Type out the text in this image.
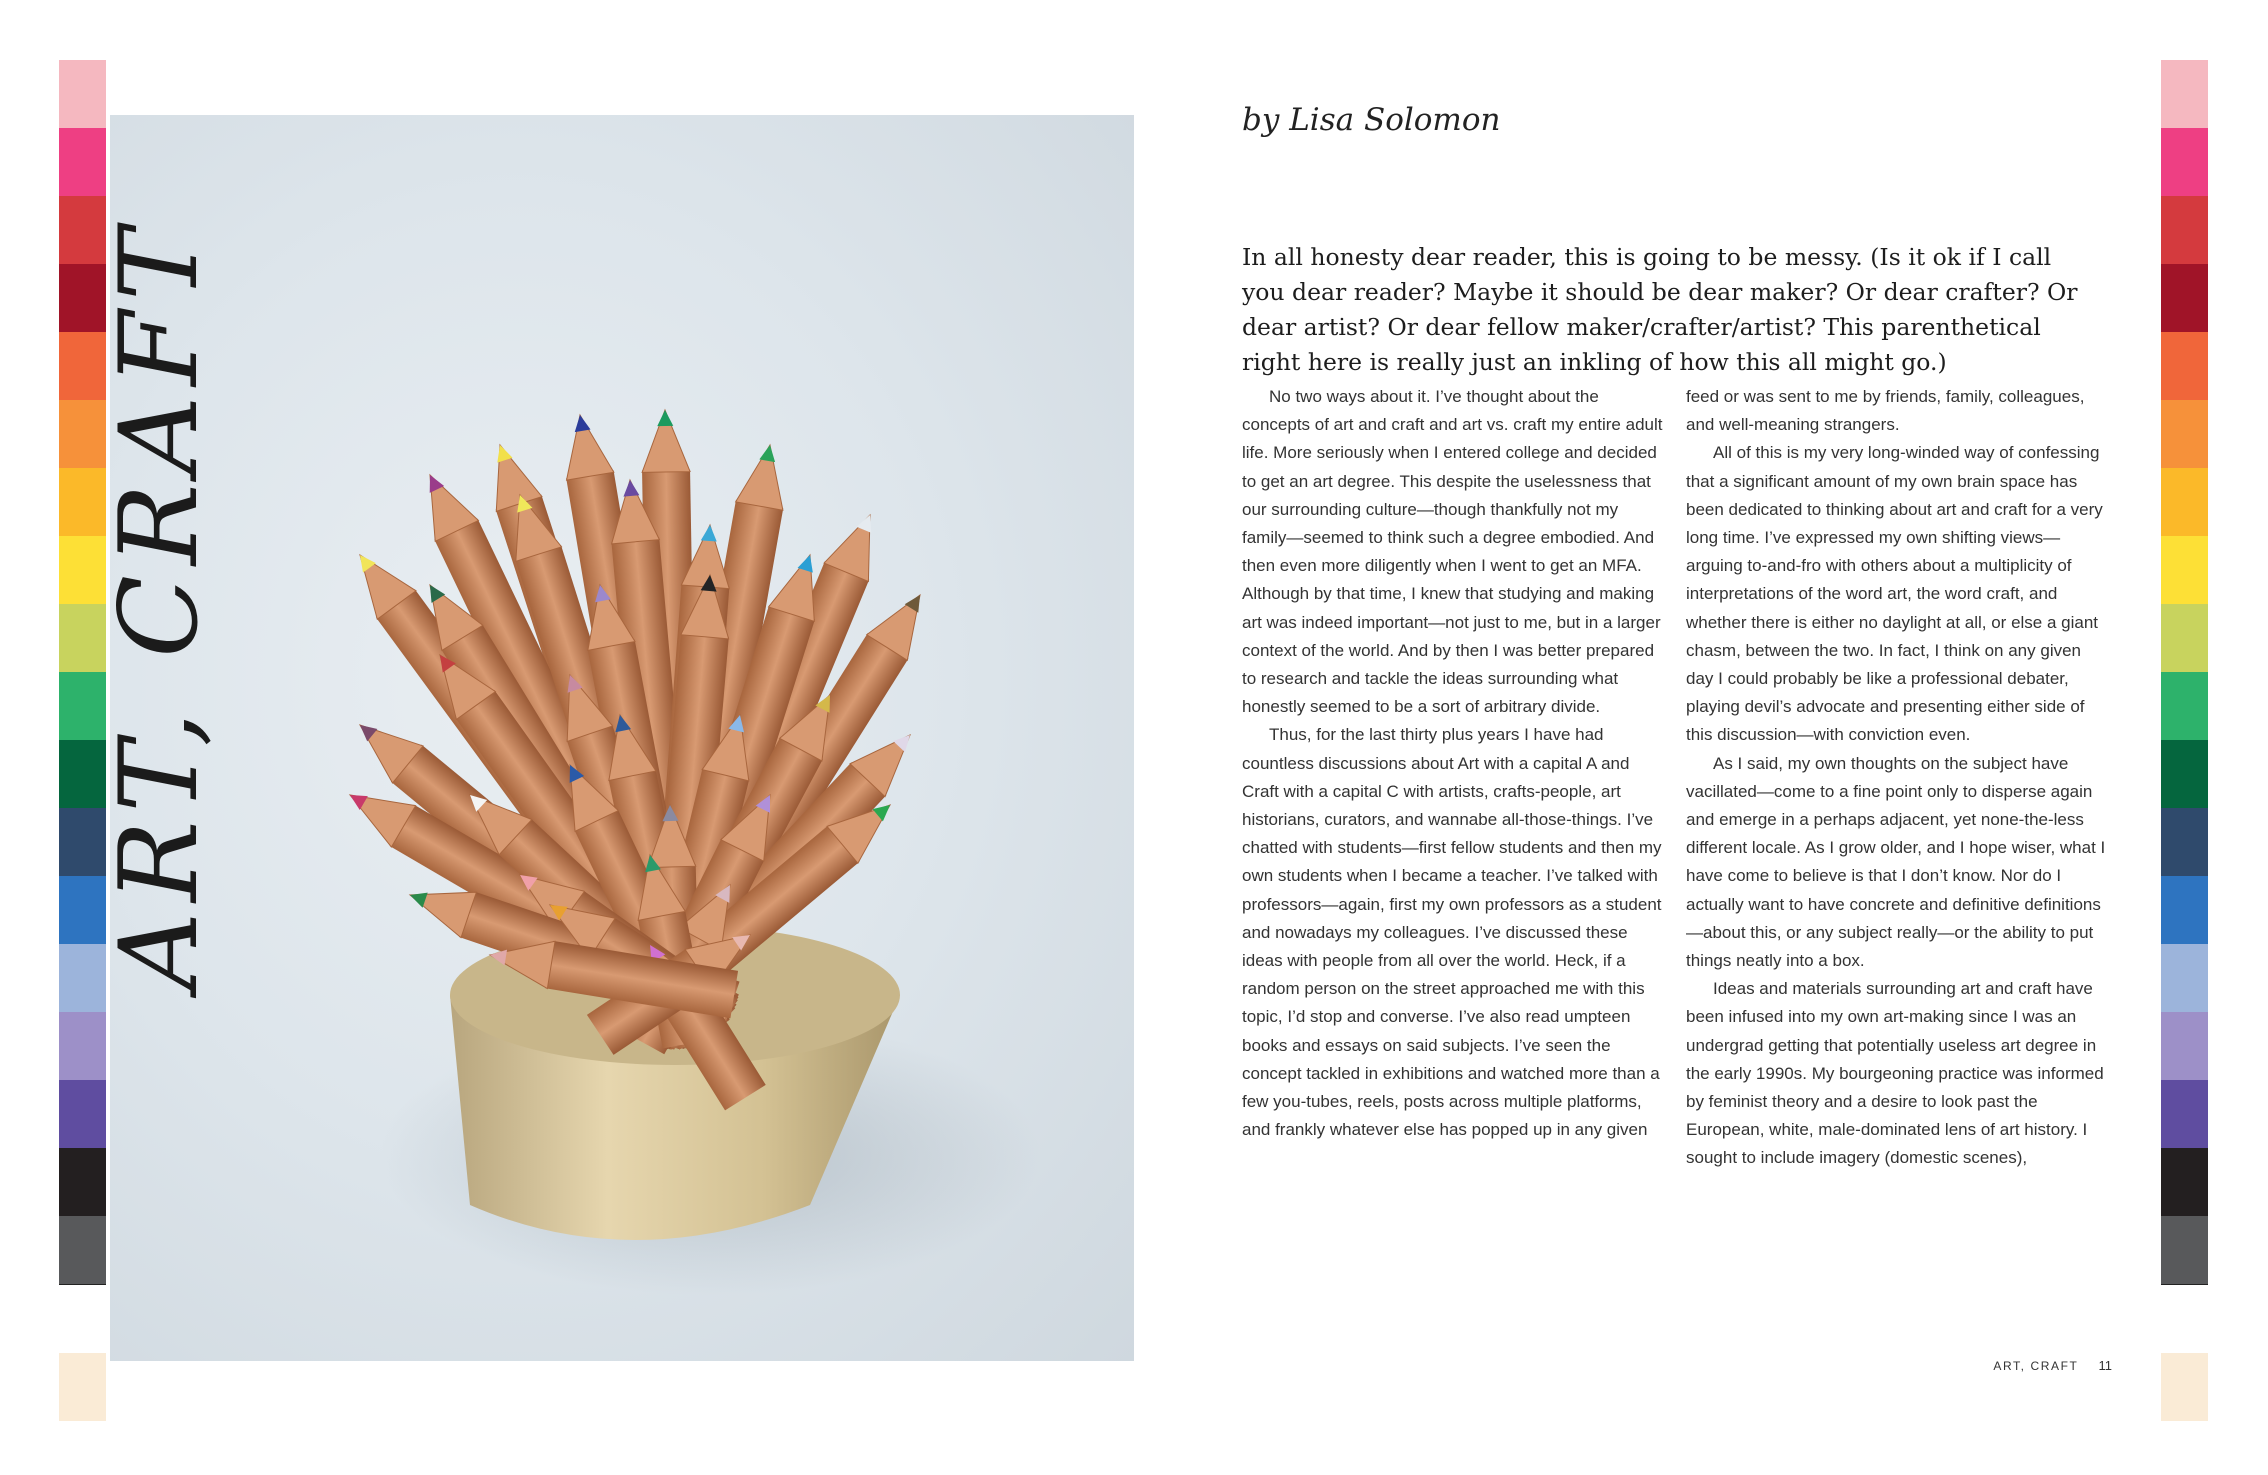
ART, CRAFT
by Lisa Solomon
In all honesty dear reader, this is going to be messy. (Is it ok if I call you dear reader? Maybe it should be dear maker? Or dear crafter? Or dear artist? Or dear fellow maker/crafter/artist? This parenthetical right here is really just an inkling of how this all might go.)

No two ways about it. I’ve thought about the concepts of art and craft and art vs. craft my entire adult life. More seriously when I entered college and decided to get an art degree. This despite the uselessness that our surrounding culture—though thankfully not my family—seemed to think such a degree embodied. And then even more diligently when I went to get an MFA. Although by that time, I knew that studying and making art was indeed important—not just to me, but in a larger context of the world. And by then I was better prepared to research and tackle the ideas surrounding what honestly seemed to be a sort of arbitrary divide.

Thus, for the last thirty plus years I have had countless discussions about Art with a capital A and Craft with a capital C with artists, crafts-people, art historians, curators, and wannabe all-those-things. I’ve chatted with students—first fellow students and then my own students when I became a teacher. I’ve talked with professors—again, first my own professors as a student and nowadays my colleagues. I’ve discussed these ideas with people from all over the world. Heck, if a random person on the street approached me with this topic, I’d stop and converse. I’ve also read umpteen books and essays on said subjects. I’ve seen the concept tackled in exhibitions and watched more than a few you-tubes, reels, posts across multiple platforms, and frankly whatever else has popped up in any given

feed or was sent to me by friends, family, colleagues, and well-meaning strangers.

All of this is my very long-winded way of confessing that a significant amount of my own brain space has been dedicated to thinking about art and craft for a very long time. I’ve expressed my own shifting views—arguing to-and-fro with others about a multiplicity of interpretations of the word art, the word craft, and whether there is either no daylight at all, or else a giant chasm, between the two. In fact, I think on any given day I could probably be like a professional debater, playing devil’s advocate and presenting either side of this discussion—with conviction even.

As I said, my own thoughts on the subject have vacillated—come to a fine point only to disperse again and emerge in a perhaps adjacent, yet none-the-less different locale. As I grow older, and I hope wiser, what I have come to believe is that I don’t know. Nor do I actually want to have concrete and definitive definitions—about this, or any subject really—or the ability to put things neatly into a box.

Ideas and materials surrounding art and craft have been infused into my own art-making since I was an undergrad getting that potentially useless art degree in the early 1990s. My bourgeoning practice was informed by feminist theory and a desire to look past the European, white, male-dominated lens of art history. I sought to include imagery (domestic scenes),

ART, CRAFT 11
